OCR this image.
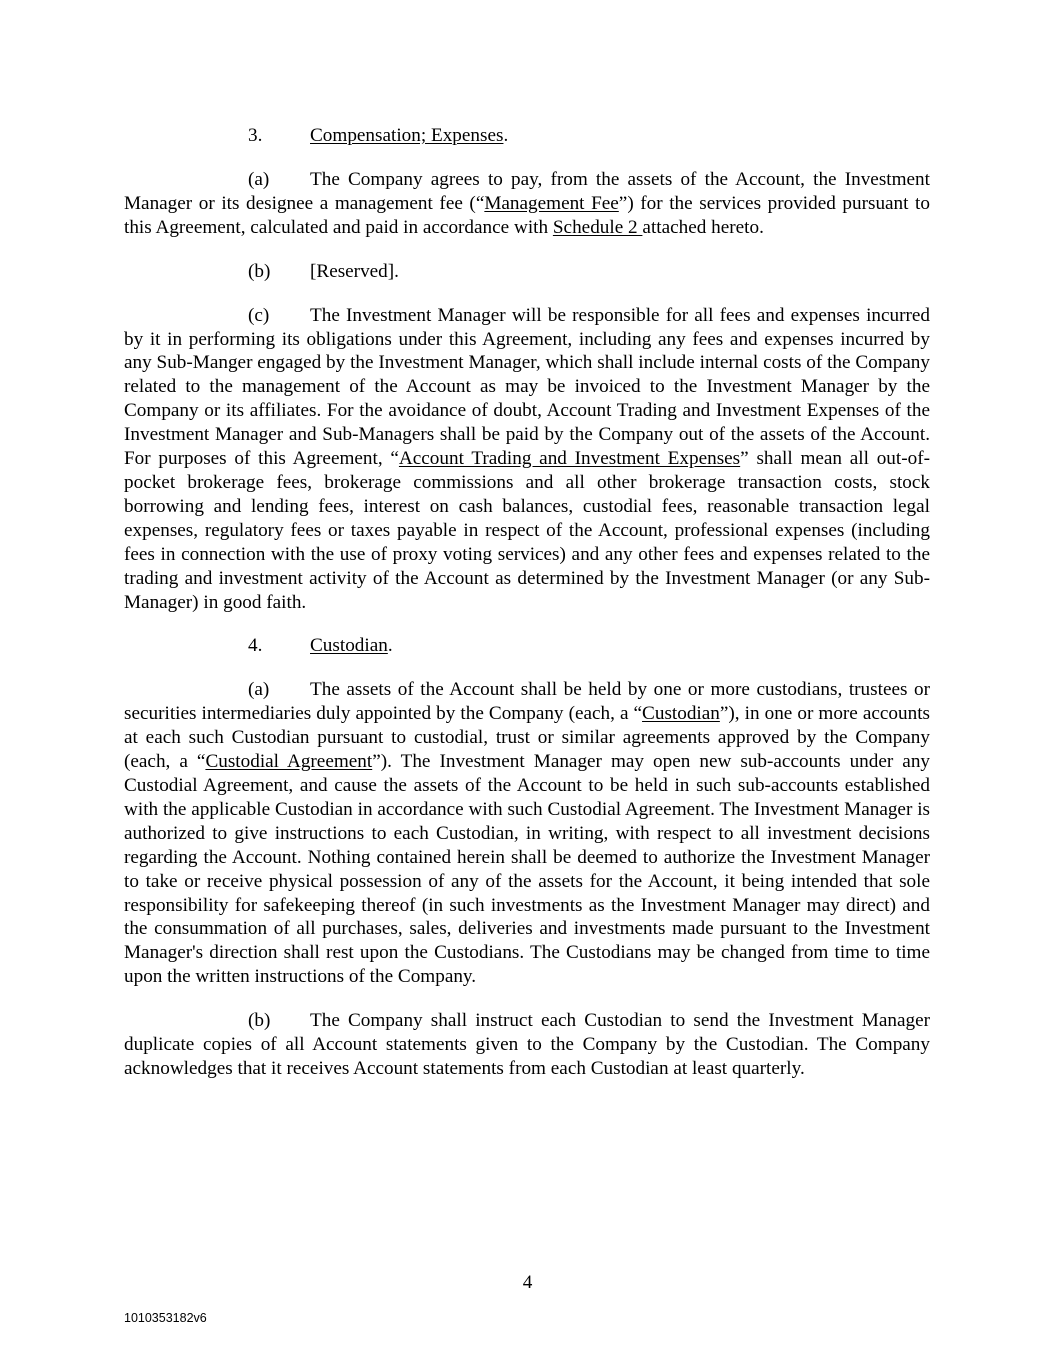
3. Compensation; Expenses.

(a) The Company agrees to pay, from the assets of the Account, the Investment Manager or its designee a management fee (“Management Fee”) for the services provided pursuant to this Agreement, calculated and paid in accordance with Schedule 2 attached hereto.

(b) [Reserved].

(c) The Investment Manager will be responsible for all fees and expenses incurred by it in performing its obligations under this Agreement, including any fees and expenses incurred by any Sub-Manger engaged by the Investment Manager, which shall include internal costs of the Company related to the management of the Account as may be invoiced to the Investment Manager by the Company or its affiliates. For the avoidance of doubt, Account Trading and Investment Expenses of the Investment Manager and Sub-Managers shall be paid by the Company out of the assets of the Account. For purposes of this Agreement, “Account Trading and Investment Expenses” shall mean all out-of-pocket brokerage fees, brokerage commissions and all other brokerage transaction costs, stock borrowing and lending fees, interest on cash balances, custodial fees, reasonable transaction legal expenses, regulatory fees or taxes payable in respect of the Account, professional expenses (including fees in connection with the use of proxy voting services) and any other fees and expenses related to the trading and investment activity of the Account as determined by the Investment Manager (or any Sub-Manager) in good faith.

4. Custodian.

(a) The assets of the Account shall be held by one or more custodians, trustees or securities intermediaries duly appointed by the Company (each, a “Custodian”), in one or more accounts at each such Custodian pursuant to custodial, trust or similar agreements approved by the Company (each, a “Custodial Agreement”). The Investment Manager may open new sub-accounts under any Custodial Agreement, and cause the assets of the Account to be held in such sub-accounts established with the applicable Custodian in accordance with such Custodial Agreement. The Investment Manager is authorized to give instructions to each Custodian, in writing, with respect to all investment decisions regarding the Account. Nothing contained herein shall be deemed to authorize the Investment Manager to take or receive physical possession of any of the assets for the Account, it being intended that sole responsibility for safekeeping thereof (in such investments as the Investment Manager may direct) and the consummation of all purchases, sales, deliveries and investments made pursuant to the Investment Manager's direction shall rest upon the Custodians. The Custodians may be changed from time to time upon the written instructions of the Company.

(b) The Company shall instruct each Custodian to send the Investment Manager duplicate copies of all Account statements given to the Company by the Custodian. The Company acknowledges that it receives Account statements from each Custodian at least quarterly.

4
1010353182v6
